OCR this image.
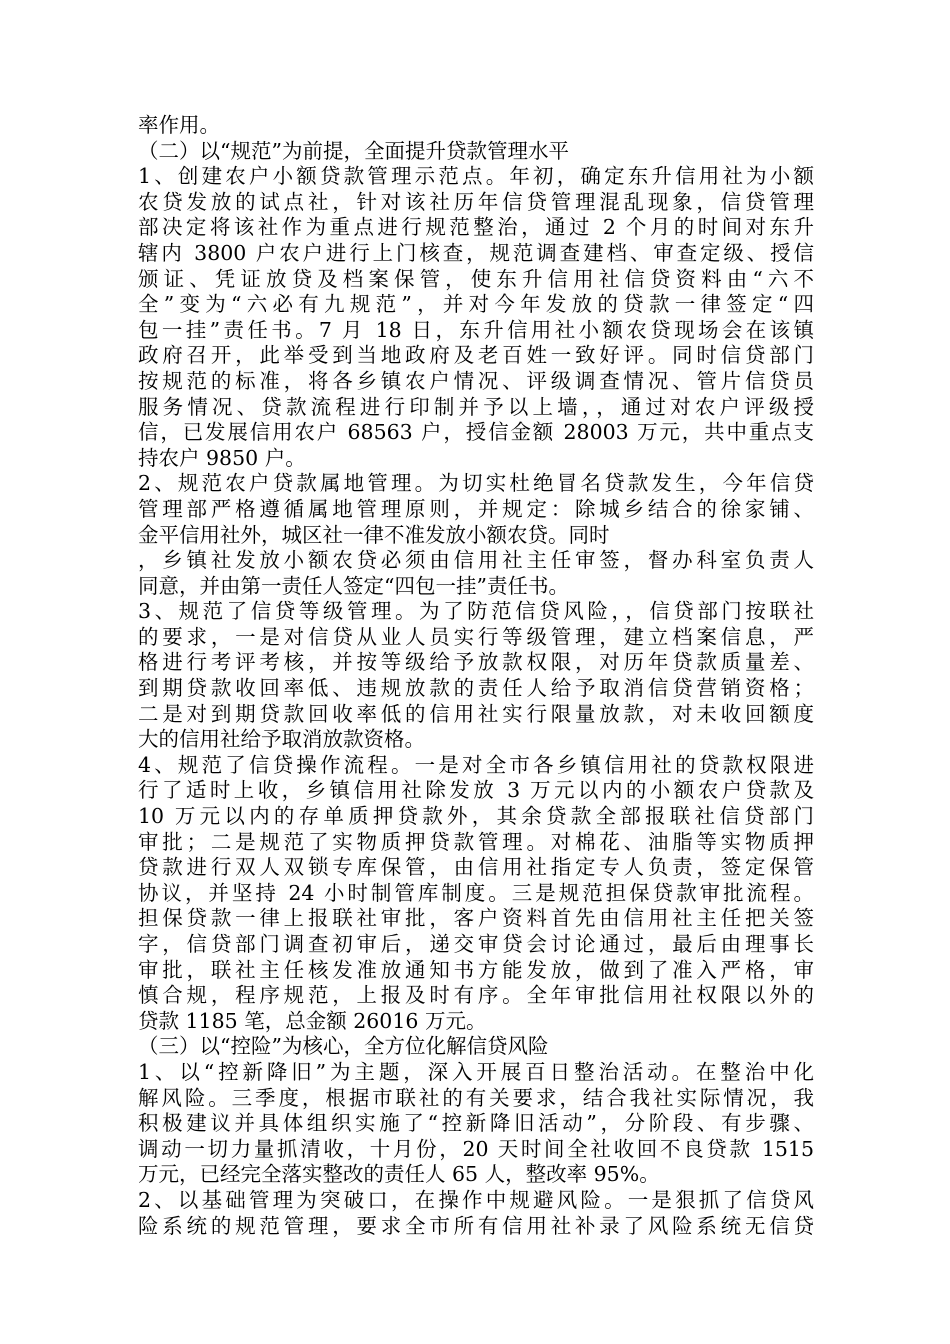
率作用。
（二）以“规范”为前提，全面提升贷款管理水平
1、创建农户小额贷款管理示范点。年初，确定东升信用社为小额
农贷发放的试点社，针对该社历年信贷管理混乱现象，信贷管理
部决定将该社作为重点进行规范整治，通过 2 个月的时间对东升
辖内 3800 户农户进行上门核查，规范调查建档、审查定级、授信
颁证、凭证放贷及档案保管，使东升信用社信贷资料由“六不
全”变为“六必有九规范”，并对今年发放的贷款一律签定“四
包一挂”责任书。7 月 18 日，东升信用社小额农贷现场会在该镇
政府召开，此举受到当地政府及老百姓一致好评。同时信贷部门
按规范的标准，将各乡镇农户情况、评级调查情况、管片信贷员
服务情况、贷款流程进行印制并予以上墙，，通过对农户评级授
信，已发展信用农户 68563 户，授信金额 28003 万元，共中重点支
持农户 9850 户。
2、规范农户贷款属地管理。为切实杜绝冒名贷款发生，今年信贷
管理部严格遵循属地管理原则，并规定：除城乡结合的徐家铺、
金平信用社外，城区社一律不准发放小额农贷。同时
，乡镇社发放小额农贷必须由信用社主任审签，督办科室负责人
同意，并由第一责任人签定“四包一挂”责任书。
3、规范了信贷等级管理。为了防范信贷风险，，信贷部门按联社
的要求，一是对信贷从业人员实行等级管理，建立档案信息，严
格进行考评考核，并按等级给予放款权限，对历年贷款质量差、
到期贷款收回率低、违规放款的责任人给予取消信贷营销资格；
二是对到期贷款回收率低的信用社实行限量放款，对未收回额度
大的信用社给予取消放款资格。
4、规范了信贷操作流程。一是对全市各乡镇信用社的贷款权限进
行了适时上收，乡镇信用社除发放 3 万元以内的小额农户贷款及
10 万元以内的存单质押贷款外，其余贷款全部报联社信贷部门
审批；二是规范了实物质押贷款管理。对棉花、油脂等实物质押
贷款进行双人双锁专库保管，由信用社指定专人负责，签定保管
协议，并坚持 24 小时制管库制度。三是规范担保贷款审批流程。
担保贷款一律上报联社审批，客户资料首先由信用社主任把关签
字，信贷部门调查初审后，递交审贷会讨论通过，最后由理事长
审批，联社主任核发准放通知书方能发放，做到了准入严格，审
慎合规，程序规范，上报及时有序。全年审批信用社权限以外的
贷款 1185 笔，总金额 26016 万元。
（三）以“控险”为核心，全方位化解信贷风险
1、以“控新降旧”为主题，深入开展百日整治活动。在整治中化
解风险。三季度，根据市联社的有关要求，结合我社实际情况，我
积极建议并具体组织实施了“控新降旧活动”，分阶段、有步骤、
调动一切力量抓清收，十月份，20 天时间全社收回不良贷款 1515
万元，已经完全落实整改的责任人 65 人，整改率 95%。
2、以基础管理为突破口，在操作中规避风险。一是狠抓了信贷风
险系统的规范管理，要求全市所有信用社补录了风险系统无信贷
